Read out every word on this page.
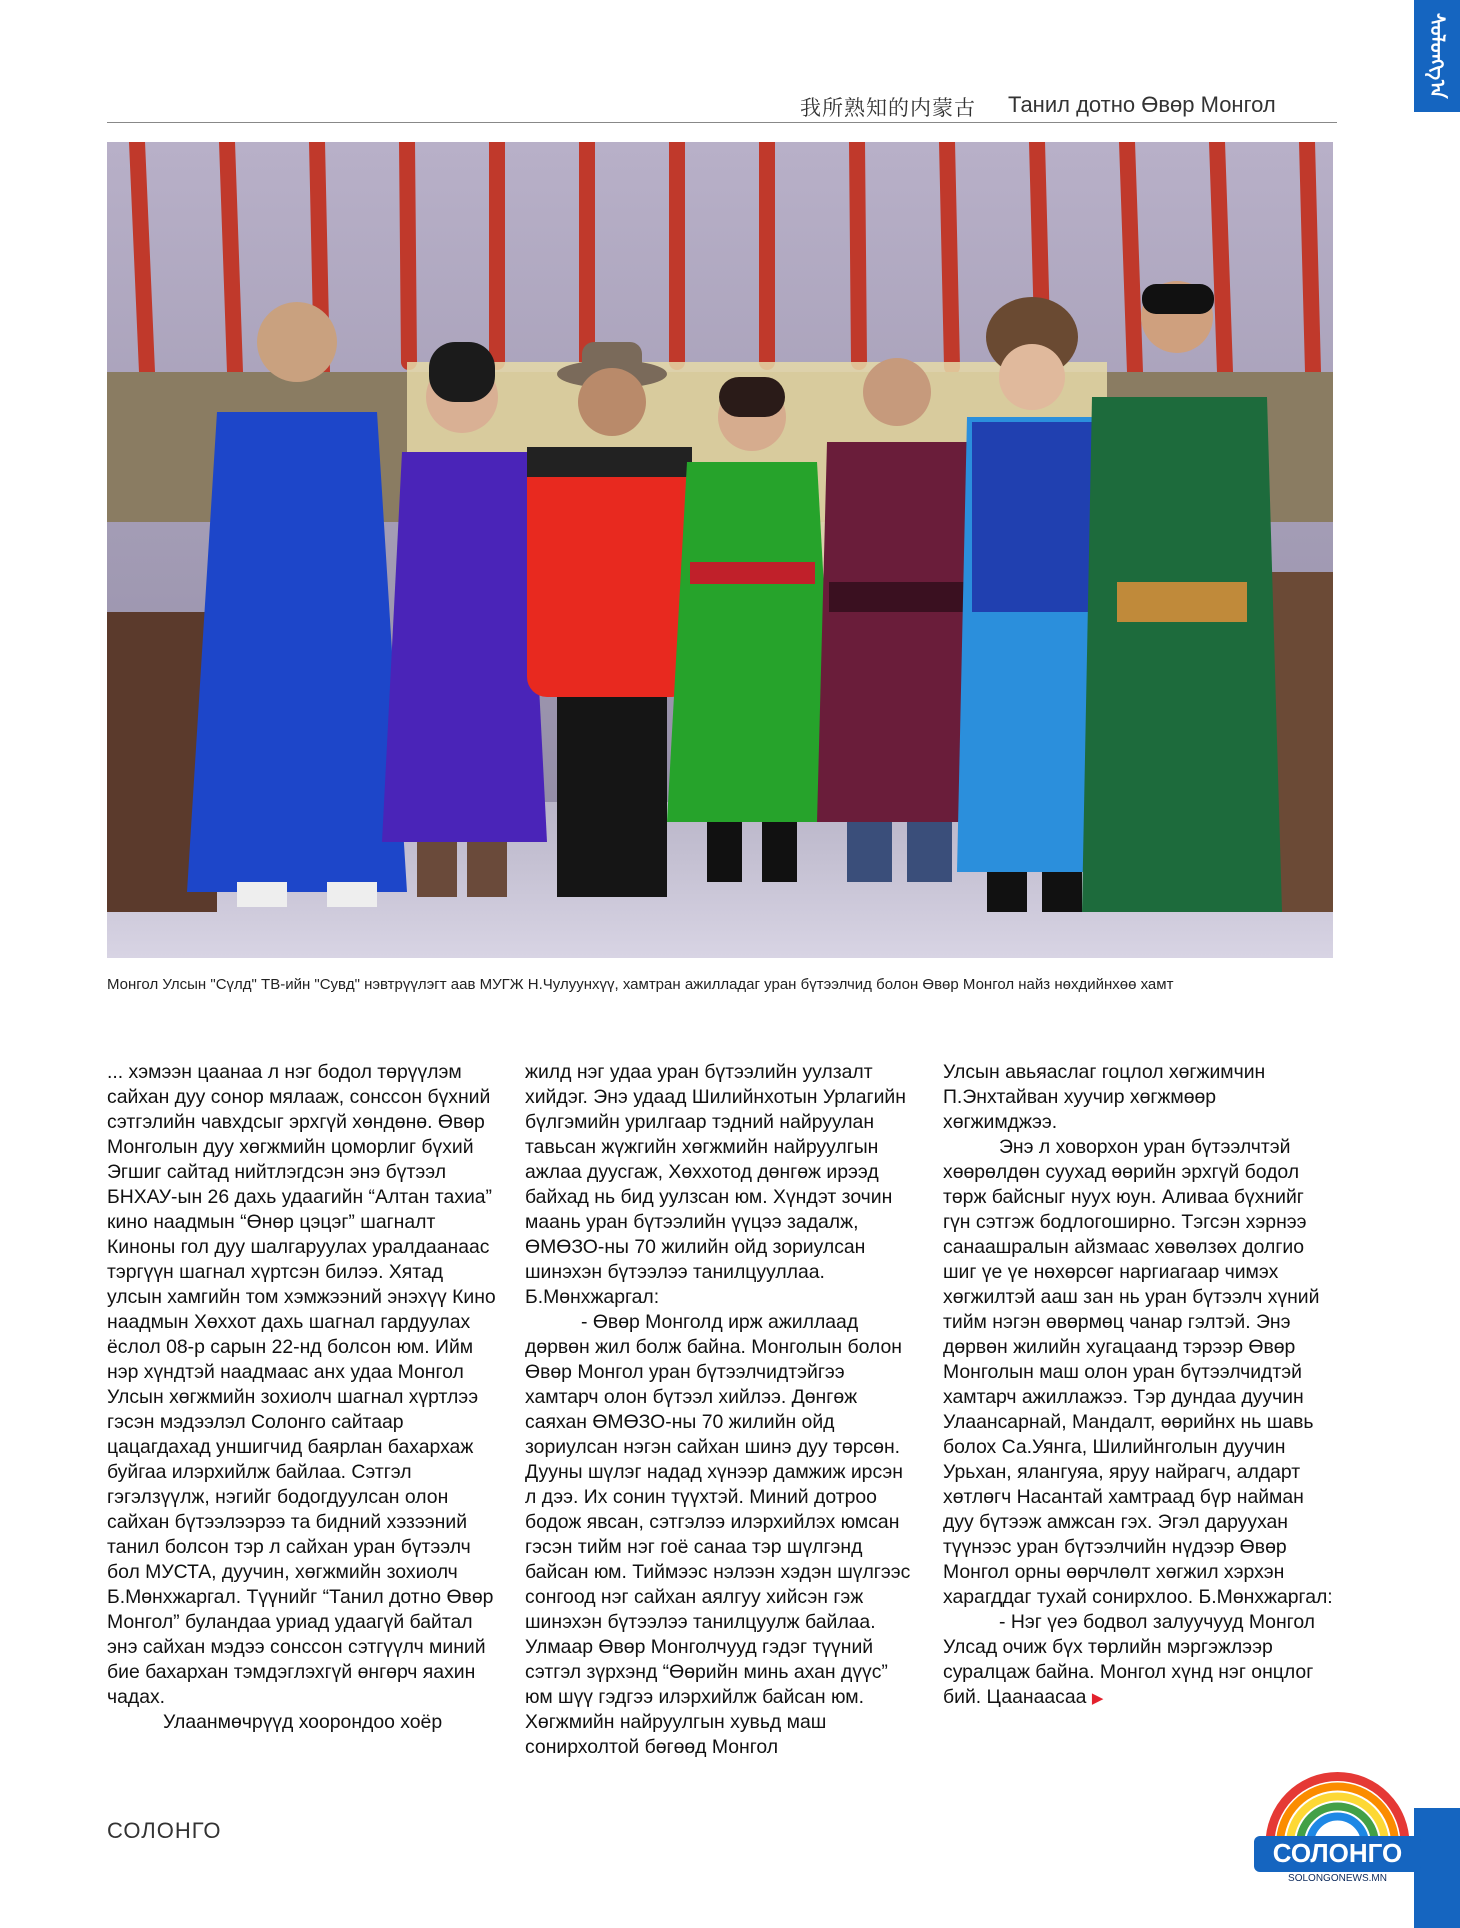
我所熟知的内蒙古 Танил дотно Өвөр Монгол
ᠰᠣᠯᠣᠩᠭ᠎ᠠ
Монгол Улсын "Сүлд" ТВ-ийн "Сувд" нэвтрүүлэгт аав МУГЖ Н.Чулуунхүү, хамтран ажилладаг уран бүтээлчид болон Өвөр Монгол найз нөхдийнхөө хамт

... хэмээн цаанаа л нэг бодол төрүүлэм сайхан дуу сонор мялааж, сонссон бүхний сэтгэлийн чавхдсыг эрхгүй хөндөнө. Өвөр Монголын дуу хөгжмийн цоморлиг бүхий Эгшиг сайтад нийтлэгдсэн энэ бүтээл БНХАУ-ын 26 дахь удаагийн “Алтан тахиа” кино наадмын “Өнөр цэцэг” шагналт Киноны гол дуу шалгаруулах уралдаанаас тэргүүн шагнал хүртсэн билээ. Хятад улсын хамгийн том хэмжээний энэхүү Кино наадмын Хөххот дахь шагнал гардуулах ёслол 08-р сарын 22-нд болсон юм. Ийм нэр хүндтэй наадмаас анх удаа Монгол Улсын хөгжмийн зохиолч шагнал хүртлээ гэсэн мэдээлэл Солонго сайтаар цацагдахад уншигчид баярлан бахархаж буйгаа илэрхийлж байлаа. Сэтгэл гэгэлзүүлж, нэгийг бодогдуулсан олон сайхан бүтээлээрээ та бидний хэзээний танил болсон тэр л сайхан уран бүтээлч бол МУСТА, дуучин, хөгжмийн зохиолч Б.Мөнхжаргал. Түүнийг “Танил дотно Өвөр Монгол” буландаа уриад удаагүй байтал энэ сайхан мэдээ сонссон сэтгүүлч миний бие бахархан тэмдэглэхгүй өнгөрч яахин чадах.

Улаанмөчрүүд хоорондоо хоёр

жилд нэг удаа уран бүтээлийн уулзалт хийдэг. Энэ удаад Шилийнхотын Урлагийн бүлгэмийн урилгаар тэдний найруулан тавьсан жүжгийн хөгжмийн найруулгын ажлаа дуусгаж, Хөххотод дөнгөж ирээд байхад нь бид уулзсан юм. Хүндэт зочин маань уран бүтээлийн үүцээ задалж, ӨМӨЗО-ны 70 жилийн ойд зориулсан шинэхэн бүтээлээ танилцууллаа. Б.Мөнхжаргал:

- Өвөр Монголд ирж ажиллаад дөрвөн жил болж байна. Монголын болон Өвөр Монгол уран бүтээлчидтэйгээ хамтарч олон бүтээл хийлээ. Дөнгөж саяхан ӨМӨЗО-ны 70 жилийн ойд зориулсан нэгэн сайхан шинэ дуу төрсөн. Дууны шүлэг надад хүнээр дамжиж ирсэн л дээ. Их сонин түүхтэй. Миний дотроо бодож явсан, сэтгэлээ илэрхийлэх юмсан гэсэн тийм нэг гоё санаа тэр шүлгэнд байсан юм. Тиймээс нэлээн хэдэн шүлгээс сонгоод нэг сайхан аялгуу хийсэн гэж шинэхэн бүтээлээ танилцуулж байлаа. Улмаар Өвөр Монголчууд гэдэг түүний сэтгэл зүрхэнд “Өөрийн минь ахан дүүс” юм шүү гэдгээ илэрхийлж байсан юм. Хөгжмийн найруулгын хувьд маш сонирхолтой бөгөөд Монгол

Улсын авьяаслаг гоцлол хөгжимчин П.Энхтайван хуучир хөгжмөөр хөгжимджээ.

Энэ л ховорхон уран бүтээлчтэй хөөрөлдөн суухад өөрийн эрхгүй бодол төрж байсныг нуух юун. Аливаа бүхнийг гүн сэтгэж бодлогоширно. Тэгсэн хэрнээ санаашралын айзмаас хөвөлзөх долгио шиг үе үе нөхөрсөг наргиагаар чимэх хөгжилтэй ааш зан нь уран бүтээлч хүний тийм нэгэн өвөрмөц чанар гэлтэй. Энэ дөрвөн жилийн хугацаанд тэрээр Өвөр Монголын маш олон уран бүтээлчидтэй хамтарч ажиллажээ. Тэр дундаа дуучин Улаансарнай, Мандалт, өөрийнх нь шавь болох Са.Уянга, Шилийнголын дуучин Урьхан, ялангуяа, яруу найрагч, алдарт хөтлөгч Насантай хамтраад бүр найман дуу бүтээж амжсан гэх. Эгэл даруухан түүнээс уран бүтээлчийн нүдээр Өвөр Монгол орны өөрчлөлт хөгжил хэрхэн харагддаг тухай сонирхлоо. Б.Мөнхжаргал:

- Нэг үеэ бодвол залуучууд Монгол Улсад очиж бүх төрлийн мэргэжлээр суралцаж байна. Монгол хүнд нэг онцлог бий. Цаанаасаа ▶

СОЛОНГО
СОЛОНГО
SOLONGONEWS.MN
13
